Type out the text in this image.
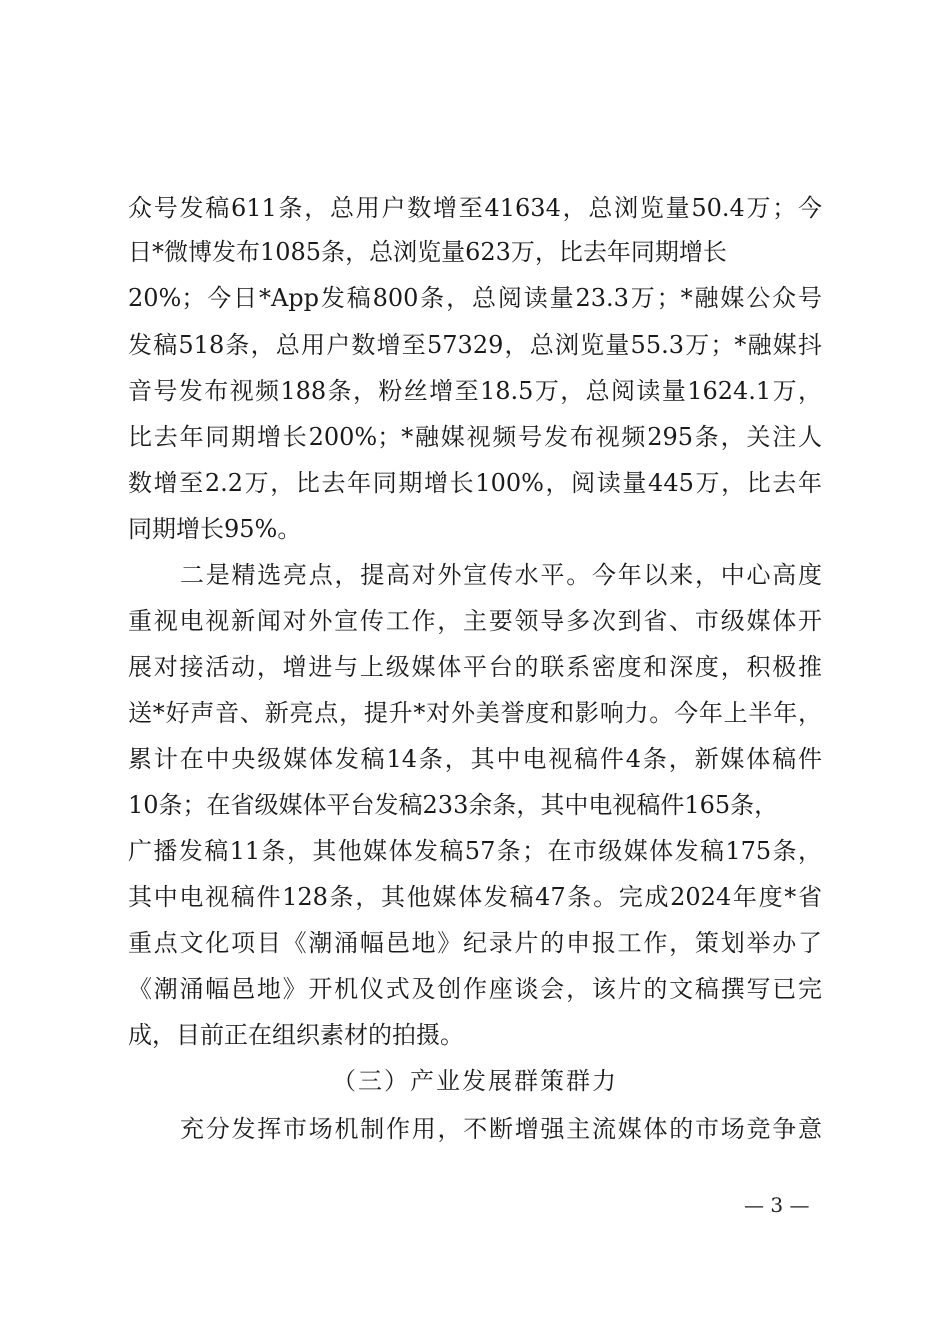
众号发稿611条，总用户数增至41634，总浏览量50.4万；今
日*微博发布1085条，总浏览量623万，比去年同期增长
20%；今日*App发稿800条，总阅读量23.3万；*融媒公众号
发稿518条，总用户数增至57329，总浏览量55.3万；*融媒抖
音号发布视频188条，粉丝增至18.5万，总阅读量1624.1万，
比去年同期增长200%；*融媒视频号发布视频295条，关注人
数增至2.2万，比去年同期增长100%，阅读量445万，比去年
同期增长95%。
二是精选亮点，提高对外宣传水平。今年以来，中心高度
重视电视新闻对外宣传工作，主要领导多次到省、市级媒体开
展对接活动，增进与上级媒体平台的联系密度和深度，积极推
送*好声音、新亮点，提升*对外美誉度和影响力。今年上半年，
累计在中央级媒体发稿14条，其中电视稿件4条，新媒体稿件
10条；在省级媒体平台发稿233余条，其中电视稿件165条，
广播发稿11条，其他媒体发稿57条；在市级媒体发稿175条，
其中电视稿件128条，其他媒体发稿47条。完成2024年度*省
重点文化项目《潮涌幅邑地》纪录片的申报工作，策划举办了
《潮涌幅邑地》开机仪式及创作座谈会，该片的文稿撰写已完
成，目前正在组织素材的拍摄。
（三）产业发展群策群力
充分发挥市场机制作用，不断增强主流媒体的市场竞争意
— 3 —
